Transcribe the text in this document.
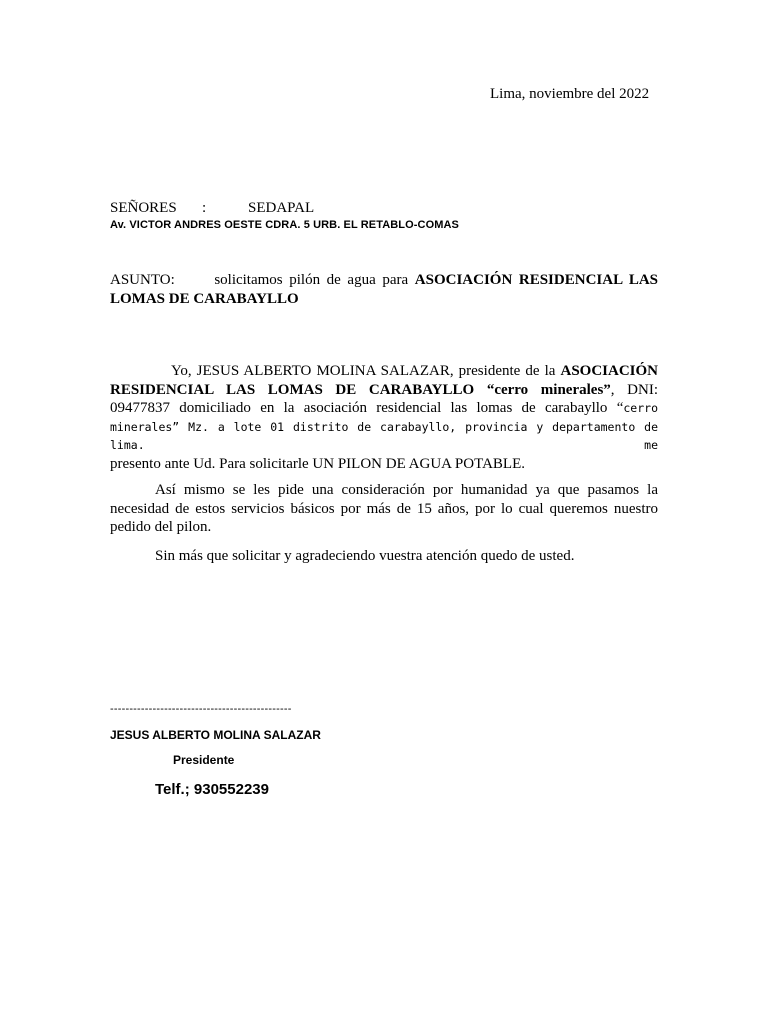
Lima, noviembre del 2022
SEÑORES :	SEDAPAL
Av. VICTOR ANDRES OESTE CDRA. 5 URB. EL RETABLO-COMAS
ASUNTO:	solicitamos pilón de agua para ASOCIACIÓN RESIDENCIAL LAS
LOMAS DE CARABAYLLO
Yo, JESUS ALBERTO MOLINA SALAZAR, presidente de la ASOCIACIÓN
RESIDENCIAL LAS LOMAS DE CARABAYLLO “cerro minerales”, DNI:
09477837 domiciliado en la asociación residencial las lomas de carabayllo “cerro
minerales” Mz. a lote 01 distrito de carabayllo, provincia y departamento de lima. me
presento ante Ud. Para solicitarle UN PILON DE AGUA POTABLE.
Así mismo se les pide una consideración por humanidad ya que pasamos la
necesidad de estos servicios básicos por más de 15 años, por lo cual queremos nuestro
pedido del pilon.
Sin más que solicitar y agradeciendo vuestra atención quedo de usted.
-----------------------------------------------
JESUS ALBERTO MOLINA SALAZAR
Presidente
Telf.; 930552239
